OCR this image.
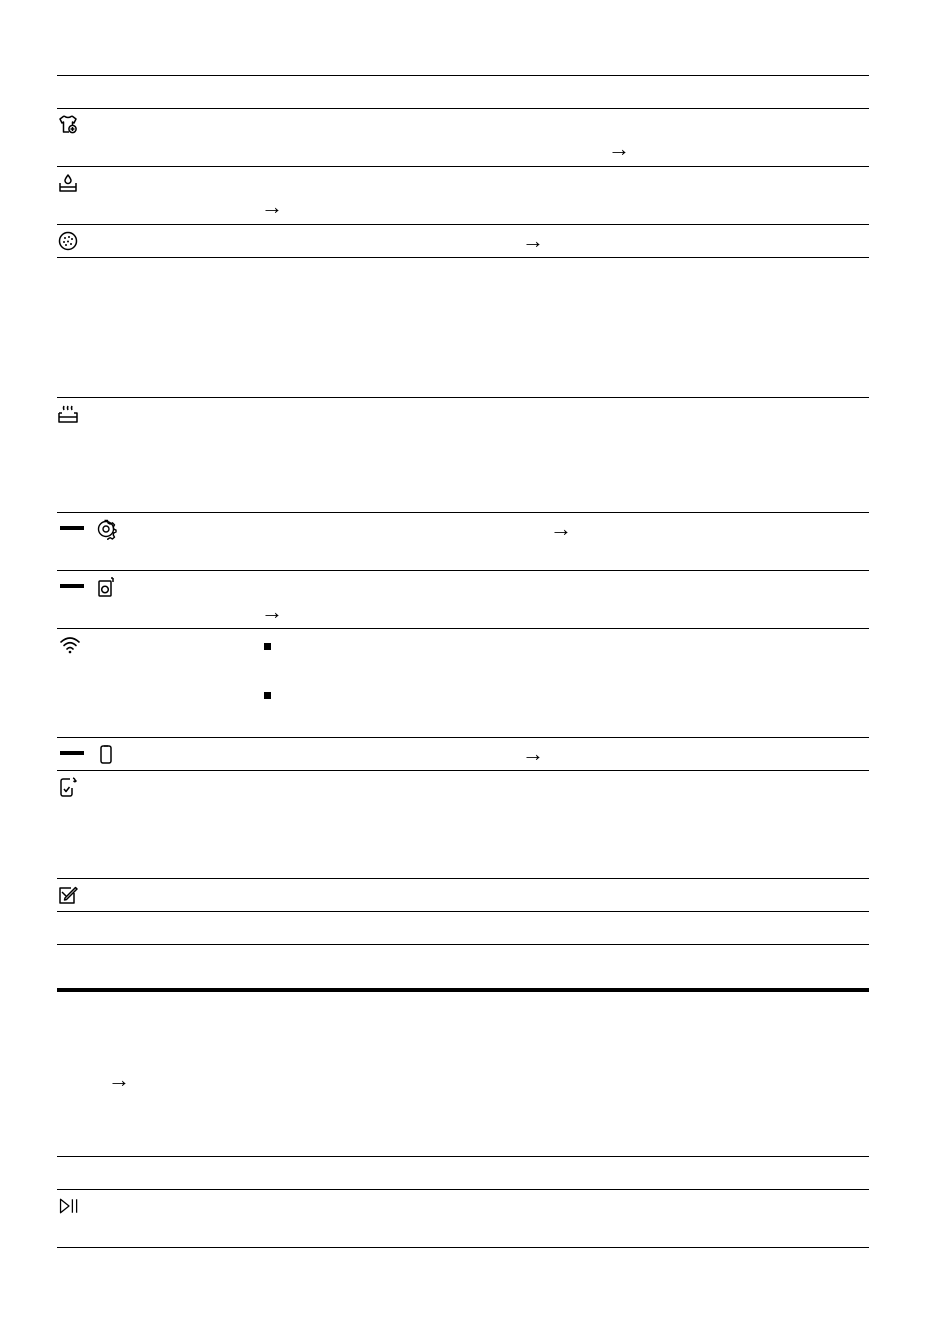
→
→
→
→
→
→
→
